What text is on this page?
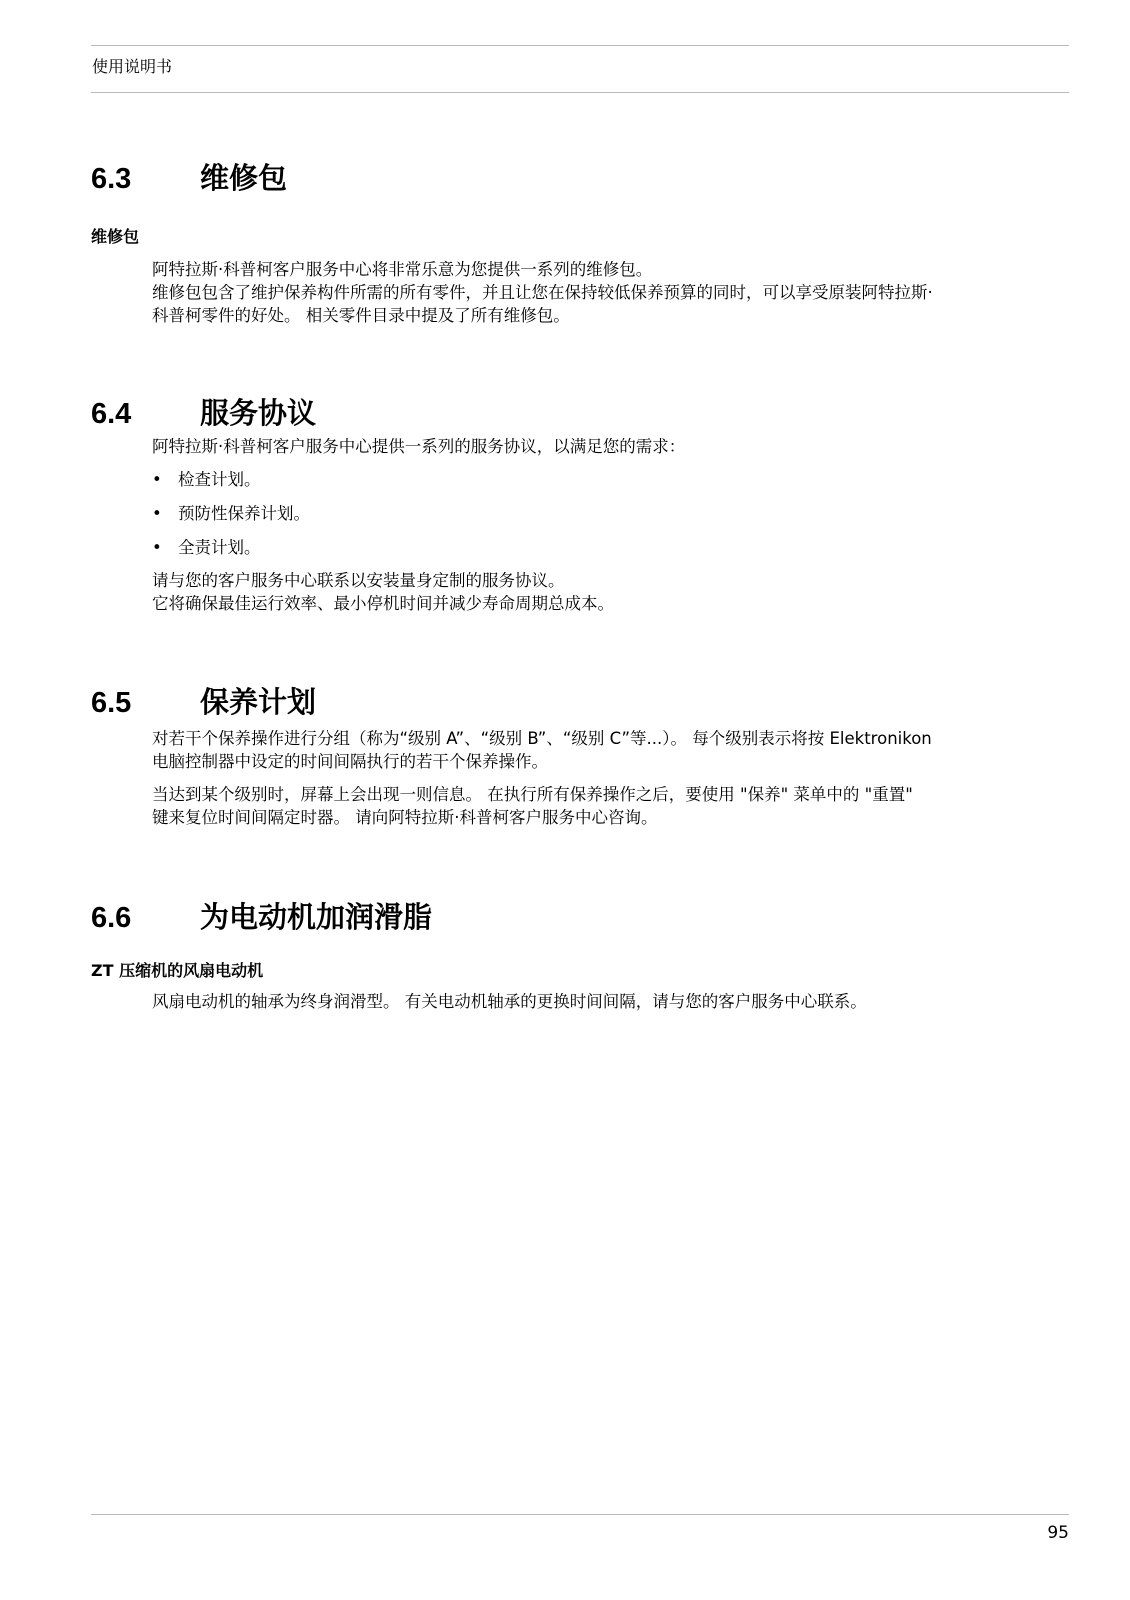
使用说明书
6.3	维修包
维修包

阿特拉斯·科普柯客户服务中心将非常乐意为您提供一系列的维修包。

维修包包含了维护保养构件所需的所有零件，并且让您在保持较低保养预算的同时，可以享受原装阿特拉斯·

科普柯零件的好处。 相关零件目录中提及了所有维修包。

6.4	服务协议
阿特拉斯·科普柯客户服务中心提供一系列的服务协议，以满足您的需求：
• 检查计划。
• 预防性保养计划。
• 全责计划。

请与您的客户服务中心联系以安装量身定制的服务协议。

它将确保最佳运行效率、最小停机时间并减少寿命周期总成本。

6.5	保养计划

对若干个保养操作进行分组（称为“级别 A”、“级别 B”、“级别 C”等...）。 每个级别表示将按 Elektronikon

电脑控制器中设定的时间间隔执行的若干个保养操作。

当达到某个级别时，屏幕上会出现一则信息。 在执行所有保养操作之后，要使用 "保养" 菜单中的 "重置"

键来复位时间间隔定时器。 请向阿特拉斯·科普柯客户服务中心咨询。

6.6	为电动机加润滑脂
ZT 压缩机的风扇电动机
风扇电动机的轴承为终身润滑型。 有关电动机轴承的更换时间间隔，请与您的客户服务中心联系。
95
